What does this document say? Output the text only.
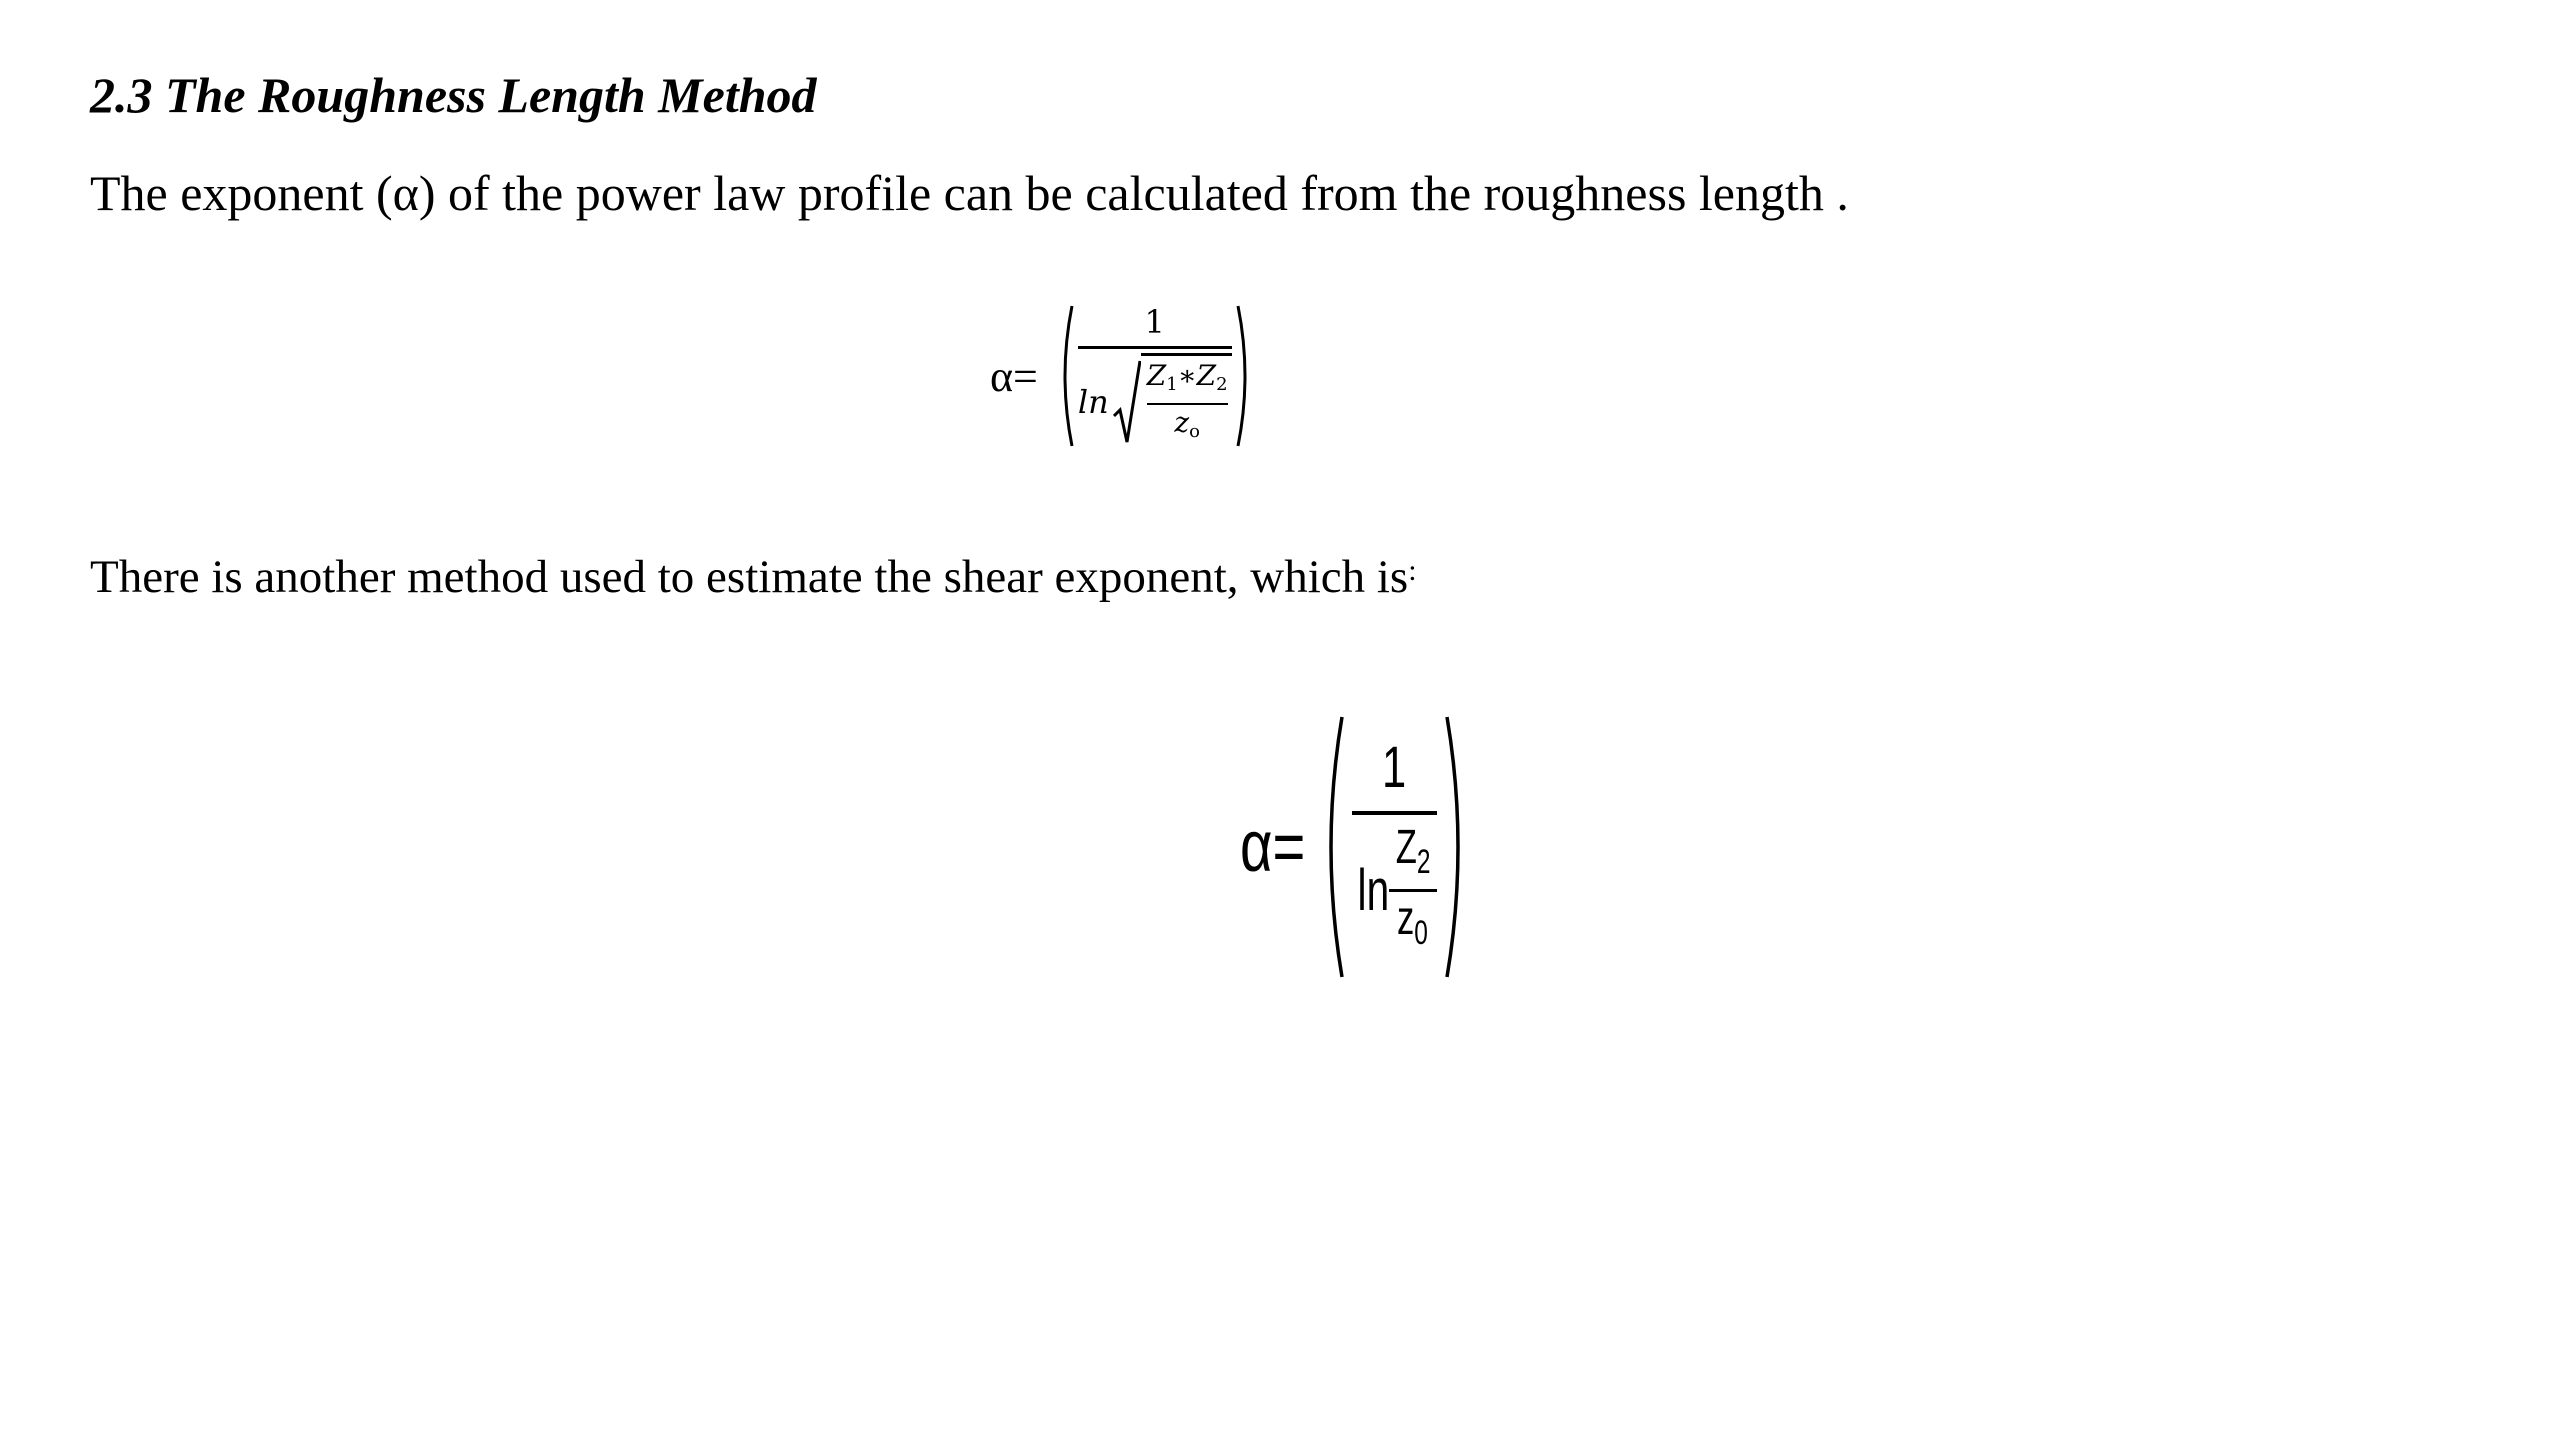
2.3 The Roughness Length Method

The exponent (α) of the power law profile can be calculated from the roughness length .

α=
1
ln
$Z_1∗Z_2$
$z_o$

There is another method used to estimate the shear exponent, which is:

α= 1
ln
$Z_2$
$z_0$
